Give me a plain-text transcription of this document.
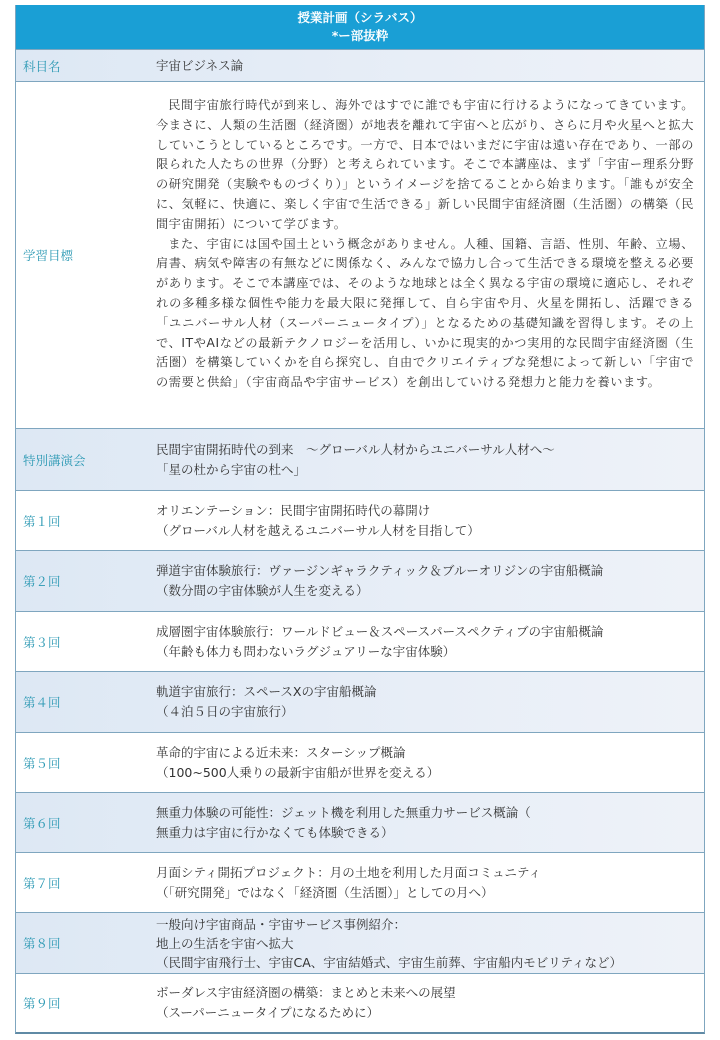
授業計画（シラバス）
*ー部抜粋
科目名	宇宙ビジネス論
学習目標

民間宇宙旅行時代が到来し、海外ではすでに誰でも宇宙に行けるようになってきています。今まさに、人類の生活圏（経済圏）が地表を離れて宇宙へと広がり、さらに月や火星へと拡大していこうとしているところです。一方で、日本ではいまだに宇宙は遠い存在であり、一部の限られた人たちの世界（分野）と考えられています。そこで本講座は、まず「宇宙ー理系分野の研究開発（実験やものづくり）」というイメージを捨てることから始まります。「誰もが安全に、気軽に、快適に、楽しく宇宙で生活できる」新しい民間宇宙経済圏（生活圏）の構築（民間宇宙開拓）について学びます。

また、宇宙には国や国土という概念がありません。人種、国籍、言語、性別、年齢、立場、肩書、病気や障害の有無などに関係なく、みんなで協力し合って生活できる環境を整える必要があります。そこで本講座では、そのような地球とは全く異なる宇宙の環境に適応し、それぞれの多種多様な個性や能力を最大限に発揮して、自ら宇宙や月、火星を開拓し、活躍できる「ユニバーサル人材（スーパーニュータイプ）」となるための基礎知識を習得します。その上で、ITやAIなどの最新テクノロジーを活用し、いかに現実的かつ実用的な民間宇宙経済圏（生活圏）を構築していくかを自ら探究し、自由でクリエイティブな発想によって新しい「宇宙での需要と供給」（宇宙商品や宇宙サービス）を創出していける発想力と能力を養います。

特別講演会
民間宇宙開拓時代の到来　～グローバル人材からユニバーサル人材へ～
「星の杜から宇宙の杜へ」
第１回
オリエンテーション：民間宇宙開拓時代の幕開け
（グローバル人材を越えるユニバーサル人材を目指して）
第２回
弾道宇宙体験旅行：ヴァージンギャラクティック＆ブルーオリジンの宇宙船概論
（数分間の宇宙体験が人生を変える）
第３回
成層圏宇宙体験旅行：ワールドビュー＆スペースパースペクティブの宇宙船概論
（年齢も体力も問わないラグジュアリーな宇宙体験）
第４回
軌道宇宙旅行：スペースXの宇宙船概論
（４泊５日の宇宙旅行）
第５回
革命的宇宙による近未来：スターシップ概論
（100~500人乗りの最新宇宙船が世界を変える）
第６回
無重力体験の可能性：ジェット機を利用した無重力サービス概論（
無重力は宇宙に行かなくても体験できる）
第７回
月面シティ開拓プロジェクト：月の土地を利用した月面コミュニティ
（「研究開発」ではなく「経済圏（生活圏）」としての月へ）
第８回
一般向け宇宙商品・宇宙サービス事例紹介：
地上の生活を宇宙へ拡大
（民間宇宙飛行士、宇宙CA、宇宙結婚式、宇宙生前葬、宇宙船内モビリティなど）
第９回
ボーダレス宇宙経済圏の構築：まとめと未来への展望
（スーパーニュータイプになるために）
